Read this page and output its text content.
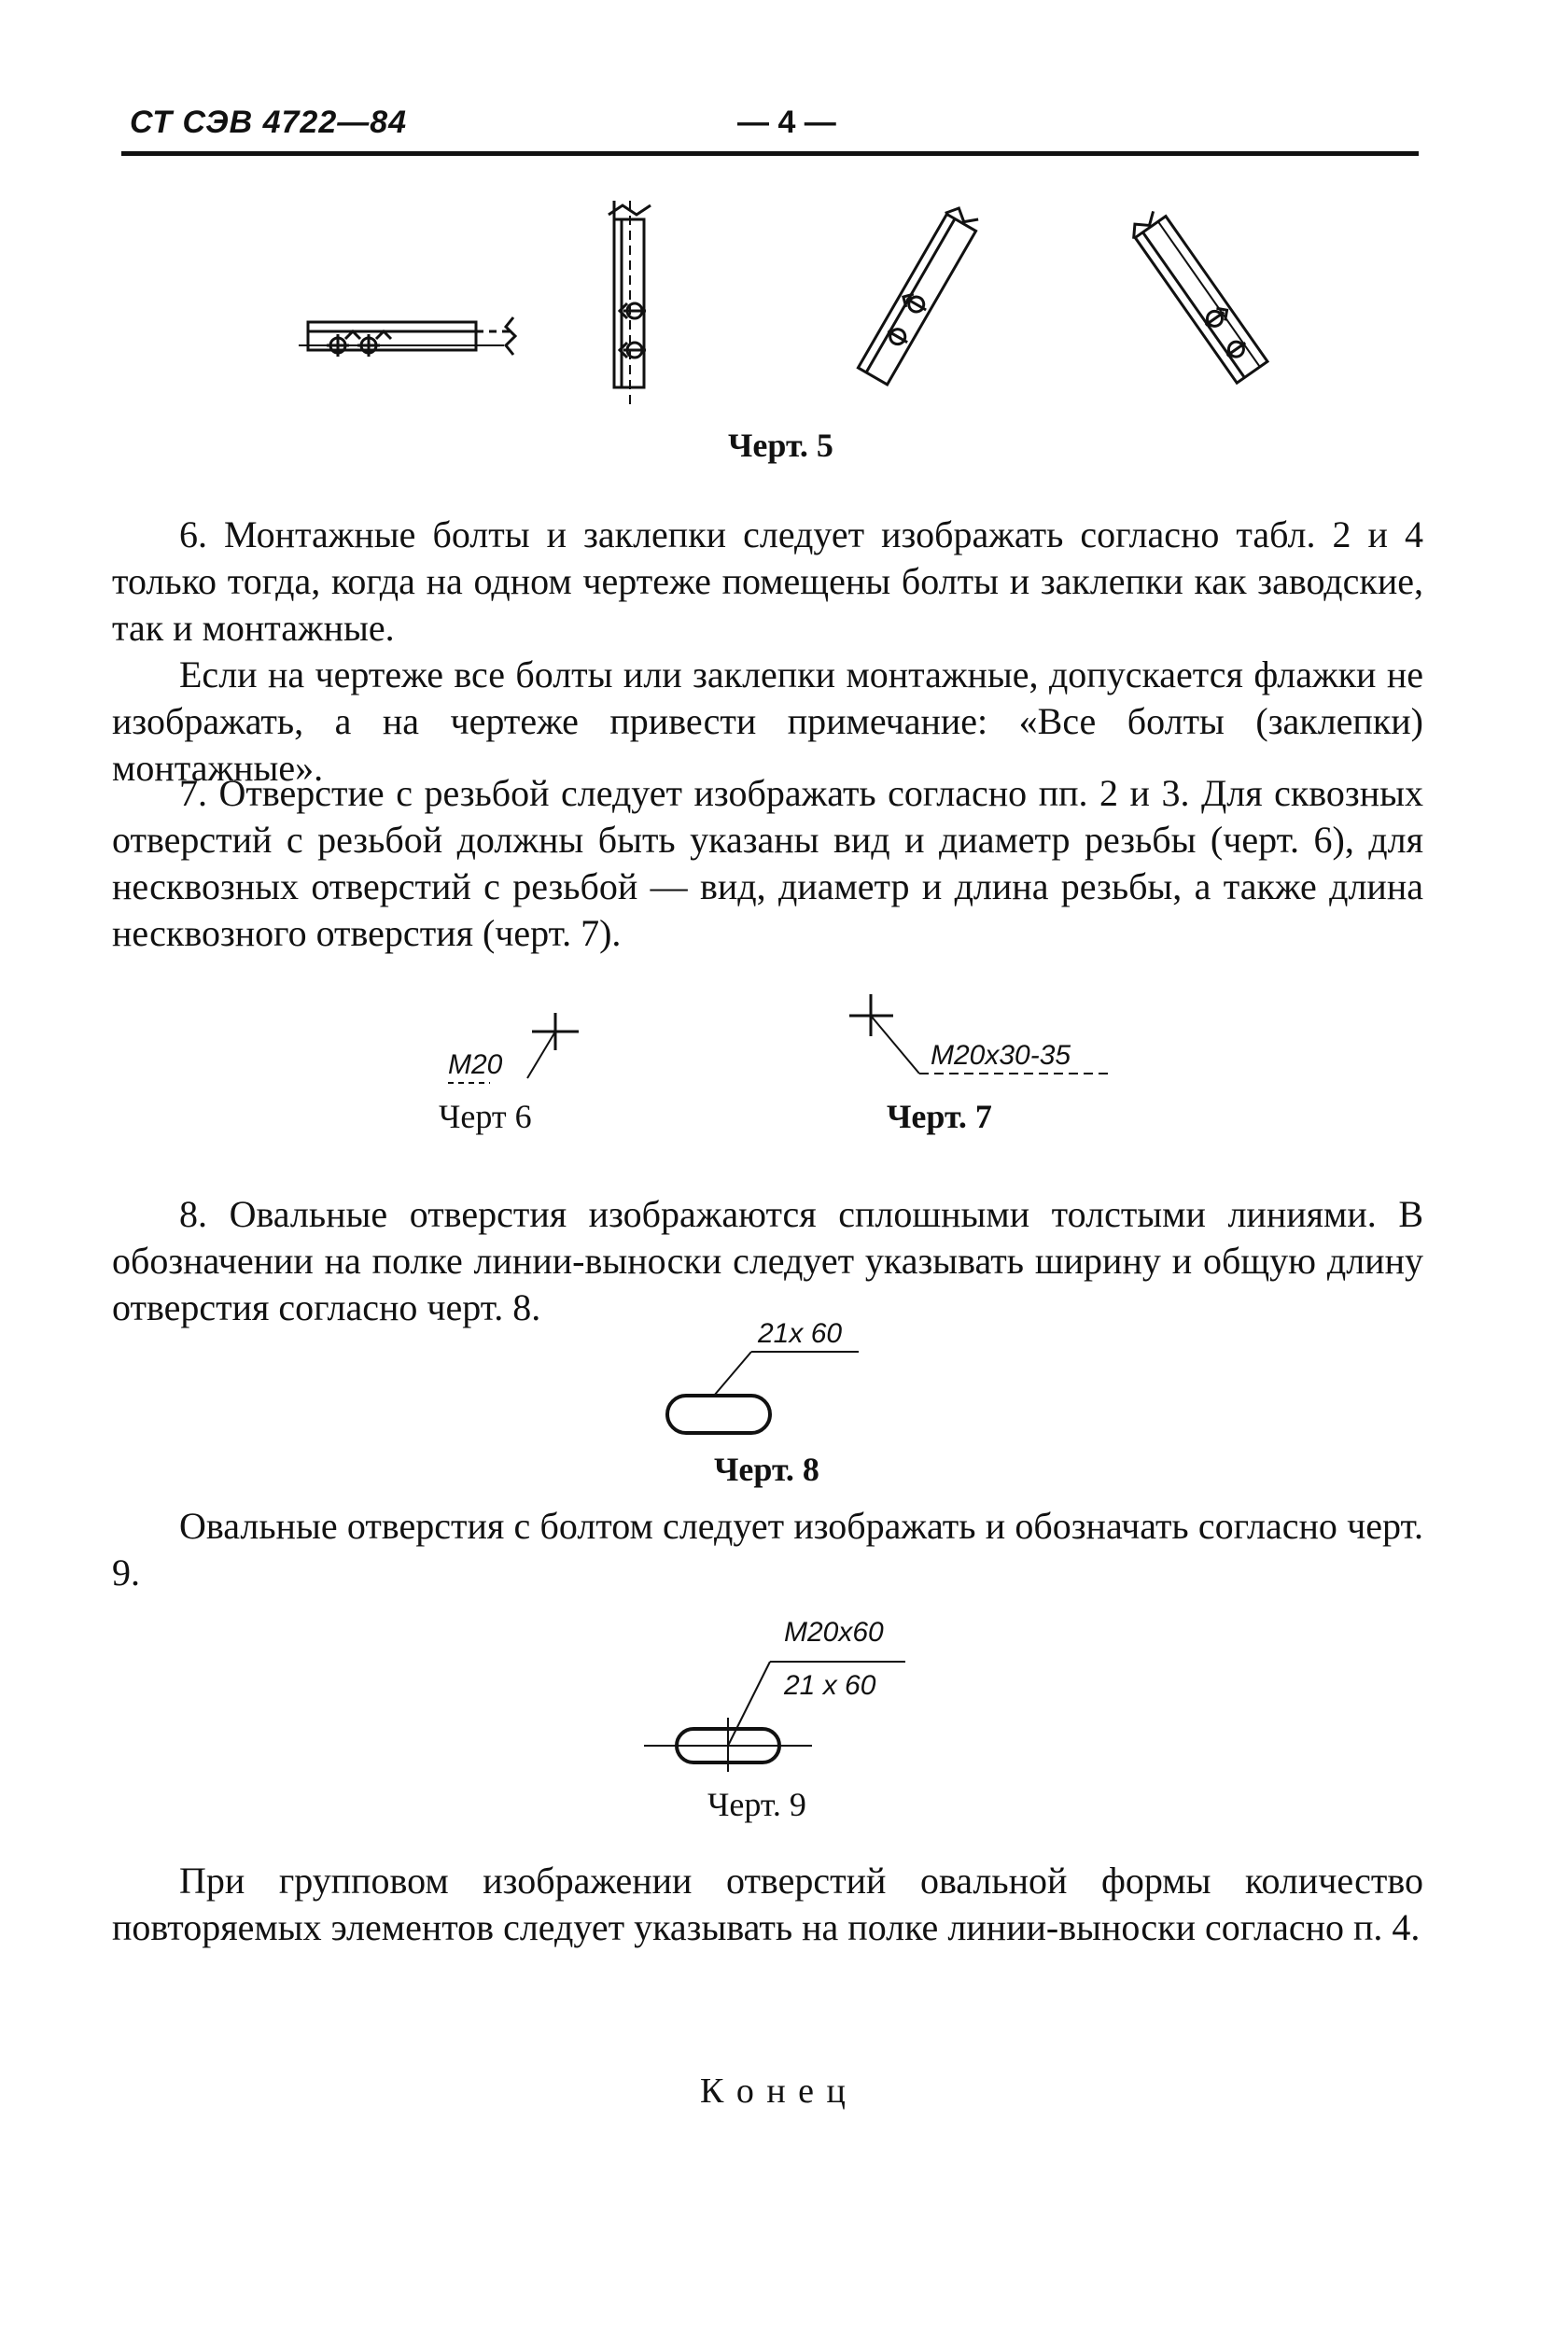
СТ СЭВ 4722—84	— 4 —
Черт. 5

6. Монтажные болты и заклепки следует изображать согласно табл. 2 и 4 только тогда, когда на одном чертеже помещены болты и заклепки как заводские, так и монтажные.

Если на чертеже все болты или заклепки монтажные, допускается флажки не изображать, а на чертеже привести примечание: «Все болты (заклепки) монтажные».

7. Отверстие с резьбой следует изображать согласно пп. 2 и 3. Для сквозных отверстий с резьбой должны быть указаны вид и диаметр резьбы (черт. 6), для несквозных отверстий с резьбой — вид, диаметр и длина резьбы, а также длина несквозного отверстия (черт. 7).

M20
Черт 6
M20x30-35
Черт. 7

8. Овальные отверстия изображаются сплошными толстыми линиями. В обозначении на полке линии-выноски следует указывать ширину и общую длину отверстия согласно черт. 8.

21x 60
Черт. 8

Овальные отверстия с болтом следует изображать и обозначать согласно черт. 9.

M20x60
21 x 60
Черт. 9

При групповом изображении отверстий овальной формы количество повторяемых элементов следует указывать на полке линии-выноски согласно п. 4.

К о н е ц
